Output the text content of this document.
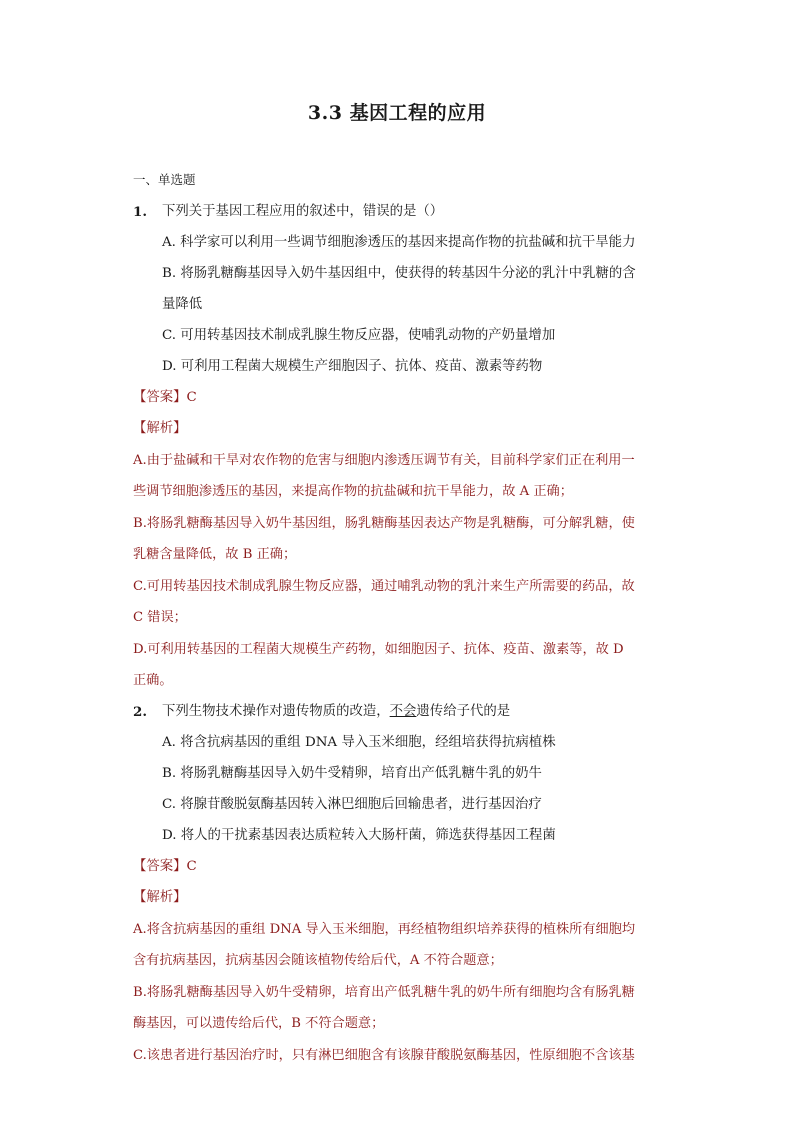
3.3 基因工程的应用
一、单选题
1. 下列关于基因工程应用的叙述中，错误的是（）
A. 科学家可以利用一些调节细胞渗透压的基因来提高作物的抗盐碱和抗干旱能力
B. 将肠乳糖酶基因导入奶牛基因组中，使获得的转基因牛分泌的乳汁中乳糖的含
量降低
C. 可用转基因技术制成乳腺生物反应器，使哺乳动物的产奶量增加
D. 可利用工程菌大规模生产细胞因子、抗体、疫苗、激素等药物
【答案】C
【解析】
A.由于盐碱和干旱对农作物的危害与细胞内渗透压调节有关，目前科学家们正在利用一
些调节细胞渗透压的基因，来提高作物的抗盐碱和抗干旱能力，故 A 正确；
B.将肠乳糖酶基因导入奶牛基因组，肠乳糖酶基因表达产物是乳糖酶，可分解乳糖，使
乳糖含量降低，故 B 正确；
C.可用转基因技术制成乳腺生物反应器，通过哺乳动物的乳汁来生产所需要的药品，故
C 错误；
D.可利用转基因的工程菌大规模生产药物，如细胞因子、抗体、疫苗、激素等，故 D
正确。
2. 下列生物技术操作对遗传物质的改造，不会遗传给子代的是
A. 将含抗病基因的重组 DNA 导入玉米细胞，经组培获得抗病植株
B. 将肠乳糖酶基因导入奶牛受精卵，培育出产低乳糖牛乳的奶牛
C. 将腺苷酸脱氨酶基因转入淋巴细胞后回输患者，进行基因治疗
D. 将人的干扰素基因表达质粒转入大肠杆菌，筛选获得基因工程菌
【答案】C
【解析】
A.将含抗病基因的重组 DNA 导入玉米细胞，再经植物组织培养获得的植株所有细胞均
含有抗病基因，抗病基因会随该植物传给后代，A 不符合题意；
B.将肠乳糖酶基因导入奶牛受精卵，培育出产低乳糖牛乳的奶牛所有细胞均含有肠乳糖
酶基因，可以遗传给后代，B 不符合题意；
C.该患者进行基因治疗时，只有淋巴细胞含有该腺苷酸脱氨酶基因，性原细胞不含该基
